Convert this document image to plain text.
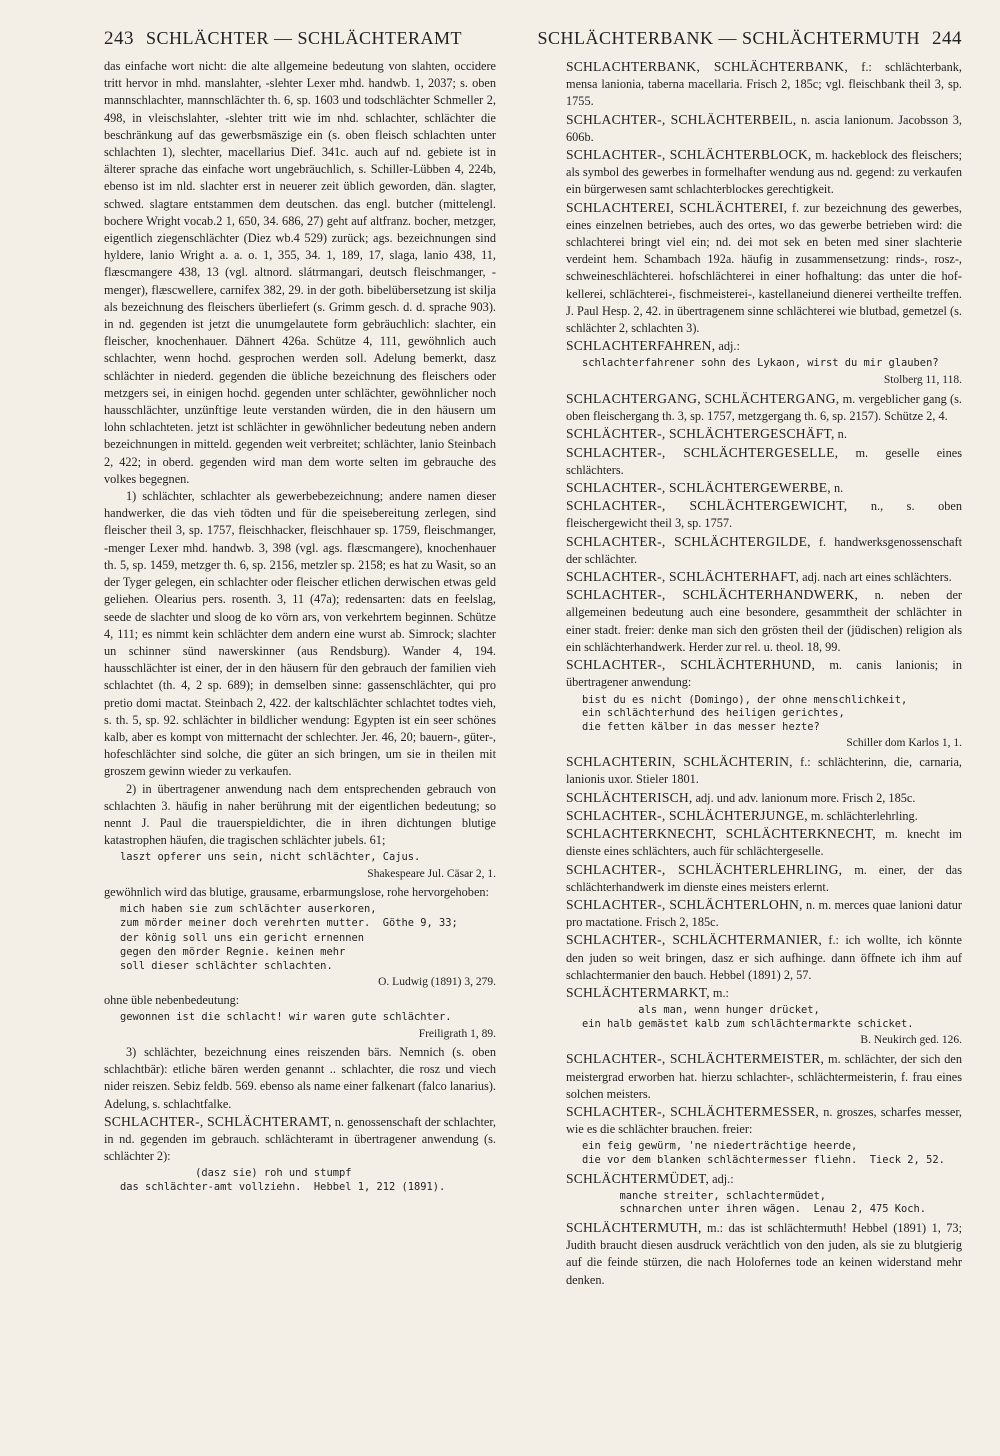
243 SCHLÄCHTER — SCHLÄCHTERAMT	SCHLÄCHTERBANK — SCHLÄCHTERMUTH 244

das einfache wort nicht: die alte allgemeine bedeutung von slahten, occidere tritt hervor in mhd. manslahter, -slehter Lexer mhd. handwb. 1, 2037; s. oben mannschlachter, mannschlächter th. 6, sp. 1603 und todschlächter Schmeller 2, 498, in vleischslahter, -slehter tritt wie im nhd. schlachter, schlächter die beschränkung auf das gewerbsmäszige ein (s. oben fleisch schlachten unter schlachten 1), slechter, macellarius Dief. 341c. auch auf nd. gebiete ist in älterer sprache das einfache wort ungebräuchlich, s. Schiller-Lübben 4, 224b, ebenso ist im nld. slachter erst in neuerer zeit üblich geworden, dän. slagter, schwed. slagtare entstammen dem deutschen. das engl. butcher (mittelengl. bochere Wright vocab.2 1, 650, 34. 686, 27) geht auf altfranz. bocher, metzger, eigentlich ziegenschlächter (Diez wb.4 529) zurück; ags. bezeichnungen sind hyldere, lanio Wright a. a. o. 1, 355, 34. 1, 189, 17, slaga, lanio 438, 11, flæscmangere 438, 13 (vgl. altnord. slátrmangari, deutsch fleischmanger, -menger), flæscwellere, carnifex 382, 29. in der goth. bibelübersetzung ist skilja als bezeichnung des fleischers überliefert (s. Grimm gesch. d. d. sprache 903). in nd. gegenden ist jetzt die unumgelautete form gebräuchlich: slachter, ein fleischer, knochenhauer. Dähnert 426a. Schütze 4, 111, gewöhnlich auch schlachter, wenn hochd. gesprochen werden soll. Adelung bemerkt, dasz schlächter in niederd. gegenden die übliche bezeichnung des fleischers oder metzgers sei, in einigen hochd. gegenden unter schlächter, gewöhnlicher noch hausschlächter, unzünftige leute verstanden würden, die in den häusern um lohn schlachteten. jetzt ist schlächter in gewöhnlicher bedeutung neben andern bezeichnungen in mitteld. gegenden weit verbreitet; schlächter, lanio Steinbach 2, 422; in oberd. gegenden wird man dem worte selten im gebrauche des volkes begegnen.

1) schlächter, schlachter als gewerbebezeichnung; andere namen dieser handwerker, die das vieh tödten und für die speisebereitung zerlegen, sind fleischer theil 3, sp. 1757, fleischhacker, fleischhauer sp. 1759, fleischmanger, -menger Lexer mhd. handwb. 3, 398 (vgl. ags. flæscmangere), knochenhauer th. 5, sp. 1459, metzger th. 6, sp. 2156, metzler sp. 2158; es hat zu Wasit, so an der Tyger gelegen, ein schlachter oder fleischer etlichen derwischen etwas geld geliehen. Olearius pers. rosenth. 3, 11 (47a); redensarten: dats en feelslag, seede de slachter und sloog de ko vörn ars, von verkehrtem beginnen. Schütze 4, 111; es nimmt kein schlächter dem andern eine wurst ab. Simrock; slachter un schinner sünd nawerskinner (aus Rendsburg). Wander 4, 194. hausschlächter ist einer, der in den häusern für den gebrauch der familien vieh schlachtet (th. 4, 2 sp. 689); in demselben sinne: gassenschlächter, qui pro pretio domi mactat. Steinbach 2, 422. der kaltschlächter schlachtet todtes vieh, s. th. 5, sp. 92. schlächter in bildlicher wendung: Egypten ist ein seer schönes kalb, aber es kompt von mitternacht der schlechter. Jer. 46, 20; bauern-, güter-, hofeschlächter sind solche, die güter an sich bringen, um sie in theilen mit groszem gewinn wieder zu verkaufen.

2) in übertragener anwendung nach dem entsprechenden gebrauch von schlachten 3. häufig in naher berührung mit der eigentlichen bedeutung; so nennt J. Paul die trauerspieldichter, die in ihren dichtungen blutige katastrophen häufen, die tragischen schlächter jubels. 61;

laszt opferer uns sein, nicht schlächter, Cajus.

Shakespeare Jul. Cäsar 2, 1.

gewöhnlich wird das blutige, grausame, erbarmungslose, rohe hervorgehoben:

mich haben sie zum schlächter auserkoren,
zum mörder meiner doch verehrten mutter.  Göthe 9, 33;

der könig soll uns ein gericht ernennen
gegen den mörder Regnie. keinen mehr
soll dieser schlächter schlachten.

O. Ludwig (1891) 3, 279.

ohne üble nebenbedeutung:

gewonnen ist die schlacht! wir waren gute schlächter.

Freiligrath 1, 89.

3) schlächter, bezeichnung eines reiszenden bärs. Nemnich (s. oben schlachtbär): etliche bären werden genannt .. schlachter, die rosz und viech nider reiszen. Sebiz feldb. 569. ebenso als name einer falkenart (falco lanarius). Adelung, s. schlachtfalke.

SCHLACHTER-, SCHLÄCHTERAMT, n. genossenschaft der schlachter, in nd. gegenden im gebrauch. schlächteramt in übertragener anwendung (s. schlächter 2):

(dasz sie) roh und stumpf
das schlächter-amt vollziehn.  Hebbel 1, 212 (1891).

SCHLACHTERBANK, SCHLÄCHTERBANK, f.: schlächterbank, mensa lanionia, taberna macellaria. Frisch 2, 185c; vgl. fleischbank theil 3, sp. 1755.

SCHLACHTER-, SCHLÄCHTERBEIL, n. ascia lanionum. Jacobsson 3, 606b.

SCHLACHTER-, SCHLÄCHTERBLOCK, m. hackeblock des fleischers; als symbol des gewerbes in formelhafter wendung aus nd. gegend: zu verkaufen ein bürgerwesen samt schlachterblockes gerechtigkeit.

SCHLACHTEREI, SCHLÄCHTEREI, f. zur bezeichnung des gewerbes, eines einzelnen betriebes, auch des ortes, wo das gewerbe betrieben wird: die schlachterei bringt viel ein; nd. dei mot sek en beten med siner slachterie verdeint hem. Schambach 192a. häufig in zusammensetzung: rinds-, rosz-, schweineschlächterei. hofschlächterei in einer hofhaltung: das unter die hof-kellerei, schlächterei-, fischmeisterei-, kastellaneiund dienerei vertheilte treffen. J. Paul Hesp. 2, 42. in übertragenem sinne schlächterei wie blutbad, gemetzel (s. schlächter 2, schlachten 3).

SCHLACHTERFAHREN, adj.:

schlachterfahrener sohn des Lykaon, wirst du mir glauben?

Stolberg 11, 118.

SCHLACHTERGANG, SCHLÄCHTERGANG, m. vergeblicher gang (s. oben fleischergang th. 3, sp. 1757, metzgergang th. 6, sp. 2157). Schütze 2, 4.

SCHLÄCHTER-, SCHLÄCHTERGESCHÄFT, n.

SCHLACHTER-, SCHLÄCHTERGESELLE, m. geselle eines schlächters.

SCHLACHTER-, SCHLÄCHTERGEWERBE, n.

SCHLACHTER-, SCHLÄCHTERGEWICHT, n., s. oben fleischergewicht theil 3, sp. 1757.

SCHLACHTER-, SCHLÄCHTERGILDE, f. handwerksgenossenschaft der schlächter.

SCHLACHTER-, SCHLÄCHTERHAFT, adj. nach art eines schlächters.

SCHLACHTER-, SCHLÄCHTERHANDWERK, n. neben der allgemeinen bedeutung auch eine besondere, gesammtheit der schlächter in einer stadt. freier: denke man sich den grösten theil der (jüdischen) religion als ein schlächterhandwerk. Herder zur rel. u. theol. 18, 99.

SCHLACHTER-, SCHLÄCHTERHUND, m. canis lanionis; in übertragener anwendung:

bist du es nicht (Domingo), der ohne menschlichkeit,
ein schlächterhund des heiligen gerichtes,
die fetten kälber in das messer hezte?

Schiller dom Karlos 1, 1.

SCHLACHTERIN, SCHLÄCHTERIN, f.: schlächterinn, die, carnaria, lanionis uxor. Stieler 1801.

SCHLÄCHTERISCH, adj. und adv. lanionum more. Frisch 2, 185c.

SCHLACHTER-, SCHLÄCHTERJUNGE, m. schlächterlehrling.

SCHLACHTERKNECHT, SCHLÄCHTERKNECHT, m. knecht im dienste eines schlächters, auch für schlächtergeselle.

SCHLACHTER-, SCHLÄCHTERLEHRLING, m. einer, der das schlächterhandwerk im dienste eines meisters erlernt.

SCHLACHTER-, SCHLÄCHTERLOHN, n. m. merces quae lanioni datur pro mactatione. Frisch 2, 185c.

SCHLACHTER-, SCHLÄCHTERMANIER, f.: ich wollte, ich könnte den juden so weit bringen, dasz er sich aufhinge. dann öffnete ich ihm auf schlachtermanier den bauch. Hebbel (1891) 2, 57.

SCHLÄCHTERMARKT, m.:

als man, wenn hunger drücket,
ein halb gemästet kalb zum schlächtermarkte schicket.

B. Neukirch ged. 126.

SCHLACHTER-, SCHLÄCHTERMEISTER, m. schlächter, der sich den meistergrad erworben hat. hierzu schlachter-, schlächtermeisterin, f. frau eines solchen meisters.

SCHLACHTER-, SCHLÄCHTERMESSER, n. groszes, scharfes messer, wie es die schlächter brauchen. freier:

ein feig gewürm, 'ne niederträchtige heerde,
die vor dem blanken schlächtermesser fliehn.  Tieck 2, 52.

SCHLÄCHTERMÜDET, adj.:

manche streiter, schlachtermüdet,
schnarchen unter ihren wägen.  Lenau 2, 475 Koch.

SCHLÄCHTERMUTH, m.: das ist schlächtermuth! Hebbel (1891) 1, 73; Judith braucht diesen ausdruck verächtlich von den juden, als sie zu blutgierig auf die feinde stürzen, die nach Holofernes tode an keinen widerstand mehr denken.
